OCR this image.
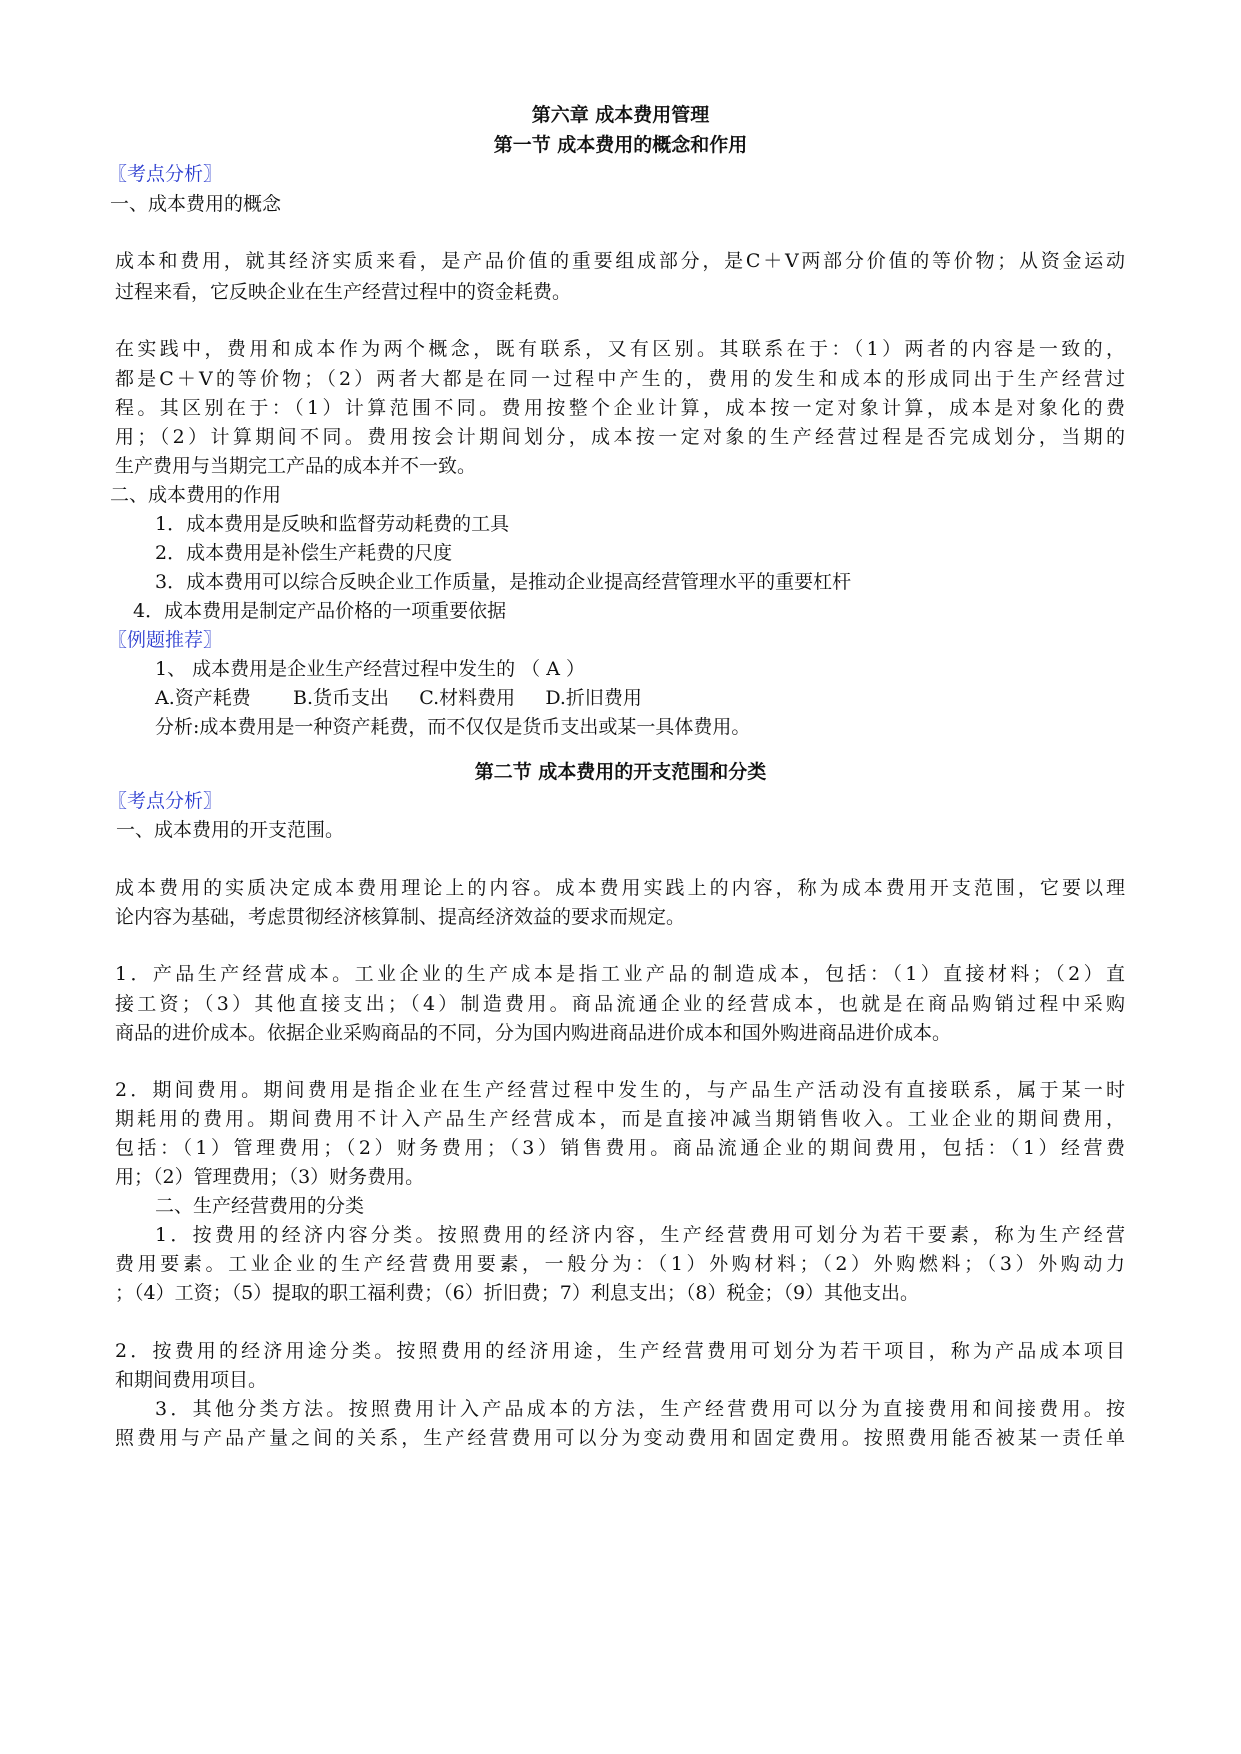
第六章 成本费用管理
第一节 成本费用的概念和作用
〖考点分析〗
一、成本费用的概念
成本和费用，就其经济实质来看，是产品价值的重要组成部分，是C＋V两部分价值的等价物；从资金运动
过程来看，它反映企业在生产经营过程中的资金耗费。
在实践中，费用和成本作为两个概念，既有联系，又有区别。其联系在于：（1）两者的内容是一致的，
都是C＋V的等价物；（2）两者大都是在同一过程中产生的，费用的发生和成本的形成同出于生产经营过
程。其区别在于：（1）计算范围不同。费用按整个企业计算，成本按一定对象计算，成本是对象化的费
用；（2）计算期间不同。费用按会计期间划分，成本按一定对象的生产经营过程是否完成划分，当期的
生产费用与当期完工产品的成本并不一致。
二、成本费用的作用
1．成本费用是反映和监督劳动耗费的工具
2．成本费用是补偿生产耗费的尺度
3．成本费用可以综合反映企业工作质量，是推动企业提高经营管理水平的重要杠杆
4．成本费用是制定产品价格的一项重要依据
〖例题推荐〗
1、 成本费用是企业生产经营过程中发生的 （ A ）
A.资产耗费       B.货币支出     C.材料费用     D.折旧费用
分析:成本费用是一种资产耗费，而不仅仅是货币支出或某一具体费用。
第二节 成本费用的开支范围和分类
〖考点分析〗
一、成本费用的开支范围。
成本费用的实质决定成本费用理论上的内容。成本费用实践上的内容，称为成本费用开支范围，它要以理
论内容为基础，考虑贯彻经济核算制、提高经济效益的要求而规定。
1．产品生产经营成本。工业企业的生产成本是指工业产品的制造成本，包括：（1）直接材料；（2）直
接工资；（3）其他直接支出；（4）制造费用。商品流通企业的经营成本，也就是在商品购销过程中采购
商品的进价成本。依据企业采购商品的不同，分为国内购进商品进价成本和国外购进商品进价成本。
2．期间费用。期间费用是指企业在生产经营过程中发生的，与产品生产活动没有直接联系，属于某一时
期耗用的费用。期间费用不计入产品生产经营成本，而是直接冲减当期销售收入。工业企业的期间费用，
包括：（1）管理费用；（2）财务费用；（3）销售费用。商品流通企业的期间费用，包括：（1）经营费
用；（2）管理费用；（3）财务费用。
二、生产经营费用的分类
1．按费用的经济内容分类。按照费用的经济内容，生产经营费用可划分为若干要素，称为生产经营
费用要素。工业企业的生产经营费用要素，一般分为：（1）外购材料；（2）外购燃料；（3）外购动力
；（4）工资；（5）提取的职工福利费；（6）折旧费；7）利息支出；（8）税金；（9）其他支出。
2．按费用的经济用途分类。按照费用的经济用途，生产经营费用可划分为若干项目，称为产品成本项目
和期间费用项目。
3．其他分类方法。按照费用计入产品成本的方法，生产经营费用可以分为直接费用和间接费用。按
照费用与产品产量之间的关系，生产经营费用可以分为变动费用和固定费用。按照费用能否被某一责任单
